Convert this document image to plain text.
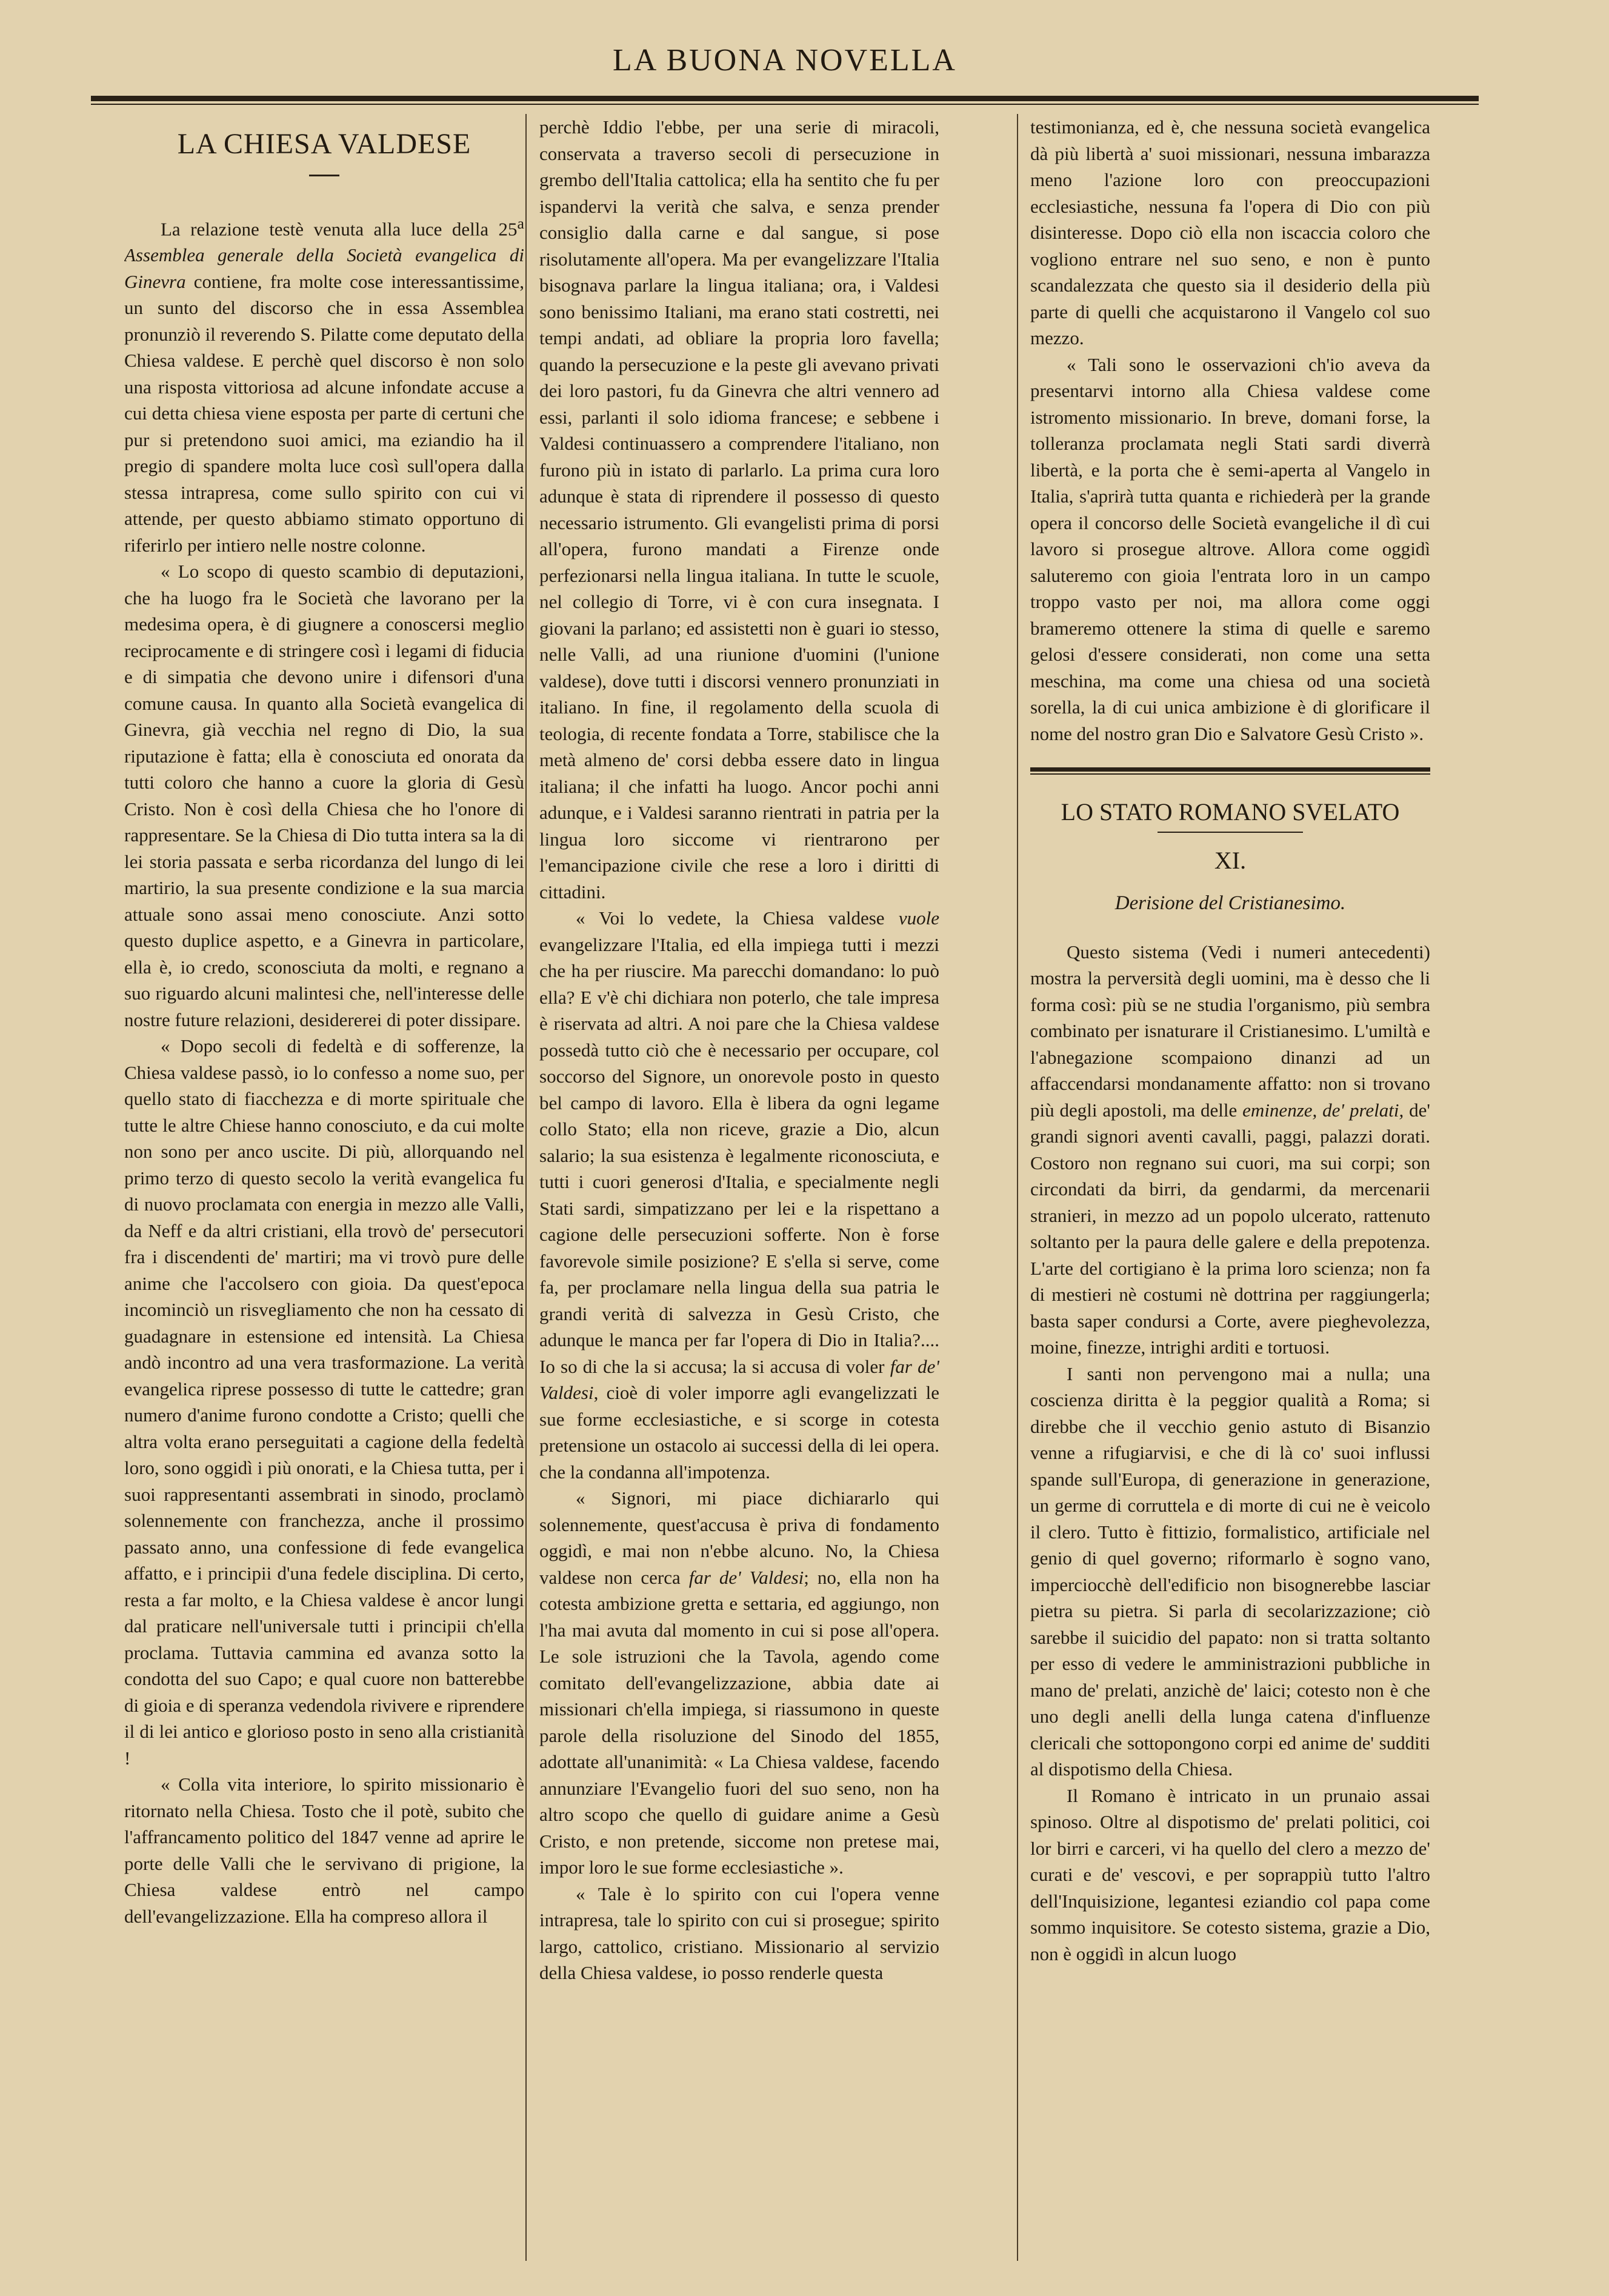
LA BUONA NOVELLA
LA CHIESA VALDESE

La relazione testè venuta alla luce della 25$^a$ Assemblea generale della Società evangelica di Ginevra contiene, fra molte cose interessantissime, un sunto del discorso che in essa Assemblea pronunziò il reverendo S. Pilatte come deputato della Chiesa valdese. E perchè quel discorso è non solo una risposta vittoriosa ad alcune infondate accuse a cui detta chiesa viene esposta per parte di certuni che pur si pretendono suoi amici, ma eziandio ha il pregio di spandere molta luce così sull'opera dalla stessa intrapresa, come sullo spirito con cui vi attende, per questo abbiamo stimato opportuno di riferirlo per intiero nelle nostre colonne.

« Lo scopo di questo scambio di deputazioni, che ha luogo fra le Società che lavorano per la medesima opera, è di giugnere a conoscersi meglio reciprocamente e di stringere così i legami di fiducia e di simpatia che devono unire i difensori d'una comune causa. In quanto alla Società evangelica di Ginevra, già vecchia nel regno di Dio, la sua riputazione è fatta; ella è conosciuta ed onorata da tutti coloro che hanno a cuore la gloria di Gesù Cristo. Non è così della Chiesa che ho l'onore di rappresentare. Se la Chiesa di Dio tutta intera sa la di lei storia passata e serba ricordanza del lungo di lei martirio, la sua presente condizione e la sua marcia attuale sono assai meno conosciute. Anzi sotto questo duplice aspetto, e a Ginevra in particolare, ella è, io credo, sconosciuta da molti, e regnano a suo riguardo alcuni malintesi che, nell'interesse delle nostre future relazioni, desidererei di poter dissipare.

« Dopo secoli di fedeltà e di sofferenze, la Chiesa valdese passò, io lo confesso a nome suo, per quello stato di fiacchezza e di morte spirituale che tutte le altre Chiese hanno conosciuto, e da cui molte non sono per anco uscite. Di più, allorquando nel primo terzo di questo secolo la verità evangelica fu di nuovo proclamata con energia in mezzo alle Valli, da Neff e da altri cristiani, ella trovò de' persecutori fra i discendenti de' martiri; ma vi trovò pure delle anime che l'accolsero con gioia. Da quest'epoca incominciò un risvegliamento che non ha cessato di guadagnare in estensione ed intensità. La Chiesa andò incontro ad una vera trasformazione. La verità evangelica riprese possesso di tutte le cattedre; gran numero d'anime furono condotte a Cristo; quelli che altra volta erano perseguitati a cagione della fedeltà loro, sono oggidì i più onorati, e la Chiesa tutta, per i suoi rappresentanti assembrati in sinodo, proclamò solennemente con franchezza, anche il prossimo passato anno, una confessione di fede evangelica affatto, e i principii d'una fedele disciplina. Di certo, resta a far molto, e la Chiesa valdese è ancor lungi dal praticare nell'universale tutti i principii ch'ella proclama. Tuttavia cammina ed avanza sotto la condotta del suo Capo; e qual cuore non batterebbe di gioia e di speranza vedendola rivivere e riprendere il di lei antico e glorioso posto in seno alla cristianità !

« Colla vita interiore, lo spirito missionario è ritornato nella Chiesa. Tosto che il potè, subito che l'affrancamento politico del 1847 venne ad aprire le porte delle Valli che le servivano di prigione, la Chiesa valdese entrò nel campo dell'evangelizzazione. Ella ha compreso allora il

perchè Iddio l'ebbe, per una serie di miracoli, conservata a traverso secoli di persecuzione in grembo dell'Italia cattolica; ella ha sentito che fu per ispandervi la verità che salva, e senza prender consiglio dalla carne e dal sangue, si pose risolutamente all'opera. Ma per evangelizzare l'Italia bisognava parlare la lingua italiana; ora, i Valdesi sono benissimo Italiani, ma erano stati costretti, nei tempi andati, ad obliare la propria loro favella; quando la persecuzione e la peste gli avevano privati dei loro pastori, fu da Ginevra che altri vennero ad essi, parlanti il solo idioma francese; e sebbene i Valdesi continuassero a comprendere l'italiano, non furono più in istato di parlarlo. La prima cura loro adunque è stata di riprendere il possesso di questo necessario istrumento. Gli evangelisti prima di porsi all'opera, furono mandati a Firenze onde perfezionarsi nella lingua italiana. In tutte le scuole, nel collegio di Torre, vi è con cura insegnata. I giovani la parlano; ed assistetti non è guari io stesso, nelle Valli, ad una riunione d'uomini (l'unione valdese), dove tutti i discorsi vennero pronunziati in italiano. In fine, il regolamento della scuola di teologia, di recente fondata a Torre, stabilisce che la metà almeno de' corsi debba essere dato in lingua italiana; il che infatti ha luogo. Ancor pochi anni adunque, e i Valdesi saranno rientrati in patria per la lingua loro siccome vi rientrarono per l'emancipazione civile che rese a loro i diritti di cittadini.

« Voi lo vedete, la Chiesa valdese vuole evangelizzare l'Italia, ed ella impiega tutti i mezzi che ha per riuscire. Ma parecchi domandano: lo può ella? E v'è chi dichiara non poterlo, che tale impresa è riservata ad altri. A noi pare che la Chiesa valdese possedà tutto ciò che è necessario per occupare, col soccorso del Signore, un onorevole posto in questo bel campo di lavoro. Ella è libera da ogni legame collo Stato; ella non riceve, grazie a Dio, alcun salario; la sua esistenza è legalmente riconosciuta, e tutti i cuori generosi d'Italia, e specialmente negli Stati sardi, simpatizzano per lei e la rispettano a cagione delle persecuzioni sofferte. Non è forse favorevole simile posizione? E s'ella si serve, come fa, per proclamare nella lingua della sua patria le grandi verità di salvezza in Gesù Cristo, che adunque le manca per far l'opera di Dio in Italia?.... Io so di che la si accusa; la si accusa di voler far de' Valdesi, cioè di voler imporre agli evangelizzati le sue forme ecclesiastiche, e si scorge in cotesta pretensione un ostacolo ai successi della di lei opera. che la condanna all'impotenza.

« Signori, mi piace dichiararlo qui solennemente, quest'accusa è priva di fondamento oggidì, e mai non n'ebbe alcuno. No, la Chiesa valdese non cerca far de' Valdesi; no, ella non ha cotesta ambizione gretta e settaria, ed aggiungo, non l'ha mai avuta dal momento in cui si pose all'opera. Le sole istruzioni che la Tavola, agendo come comitato dell'evangelizzazione, abbia date ai missionari ch'ella impiega, si riassumono in queste parole della risoluzione del Sinodo del 1855, adottate all'unanimità: « La Chiesa valdese, facendo annunziare l'Evangelio fuori del suo seno, non ha altro scopo che quello di guidare anime a Gesù Cristo, e non pretende, siccome non pretese mai, impor loro le sue forme ecclesiastiche ».

« Tale è lo spirito con cui l'opera venne intrapresa, tale lo spirito con cui si prosegue; spirito largo, cattolico, cristiano. Missionario al servizio della Chiesa valdese, io posso renderle questa

testimonianza, ed è, che nessuna società evangelica dà più libertà a' suoi missionari, nessuna imbarazza meno l'azione loro con preoccupazioni ecclesiastiche, nessuna fa l'opera di Dio con più disinteresse. Dopo ciò ella non iscaccia coloro che vogliono entrare nel suo seno, e non è punto scandalezzata che questo sia il desiderio della più parte di quelli che acquistarono il Vangelo col suo mezzo.

« Tali sono le osservazioni ch'io aveva da presentarvi intorno alla Chiesa valdese come istromento missionario. In breve, domani forse, la tolleranza proclamata negli Stati sardi diverrà libertà, e la porta che è semi-aperta al Vangelo in Italia, s'aprirà tutta quanta e richiederà per la grande opera il concorso delle Società evangeliche il dì cui lavoro si prosegue altrove. Allora come oggidì saluteremo con gioia l'entrata loro in un campo troppo vasto per noi, ma allora come oggi brameremo ottenere la stima di quelle e saremo gelosi d'essere considerati, non come una setta meschina, ma come una chiesa od una società sorella, la di cui unica ambizione è di glorificare il nome del nostro gran Dio e Salvatore Gesù Cristo ».

LO STATO ROMANO SVELATO
XI.
Derisione del Cristianesimo.

Questo sistema (Vedi i numeri antecedenti) mostra la perversità degli uomini, ma è desso che li forma così: più se ne studia l'organismo, più sembra combinato per isnaturare il Cristianesimo. L'umiltà e l'abnegazione scompaiono dinanzi ad un affaccendarsi mondanamente affatto: non si trovano più degli apostoli, ma delle eminenze, de' prelati, de' grandi signori aventi cavalli, paggi, palazzi dorati. Costoro non regnano sui cuori, ma sui corpi; son circondati da birri, da gendarmi, da mercenarii stranieri, in mezzo ad un popolo ulcerato, rattenuto soltanto per la paura delle galere e della prepotenza. L'arte del cortigiano è la prima loro scienza; non fa di mestieri nè costumi nè dottrina per raggiungerla; basta saper condursi a Corte, avere pieghevolezza, moine, finezze, intrighi arditi e tortuosi.

I santi non pervengono mai a nulla; una coscienza diritta è la peggior qualità a Roma; si direbbe che il vecchio genio astuto di Bisanzio venne a rifugiarvisi, e che di là co' suoi influssi spande sull'Europa, di generazione in generazione, un germe di corruttela e di morte di cui ne è veicolo il clero. Tutto è fittizio, formalistico, artificiale nel genio di quel governo; riformarlo è sogno vano, imperciocchè dell'edificio non bisognerebbe lasciar pietra su pietra. Si parla di secolarizzazione; ciò sarebbe il suicidio del papato: non si tratta soltanto per esso di vedere le amministrazioni pubbliche in mano de' prelati, anzichè de' laici; cotesto non è che uno degli anelli della lunga catena d'influenze clericali che sottopongono corpi ed anime de' sudditi al dispotismo della Chiesa.

Il Romano è intricato in un prunaio assai spinoso. Oltre al dispotismo de' prelati politici, coi lor birri e carceri, vi ha quello del clero a mezzo de' curati e de' vescovi, e per soprappiù tutto l'altro dell'Inquisizione, legantesi eziandio col papa come sommo inquisitore. Se cotesto sistema, grazie a Dio, non è oggidì in alcun luogo
